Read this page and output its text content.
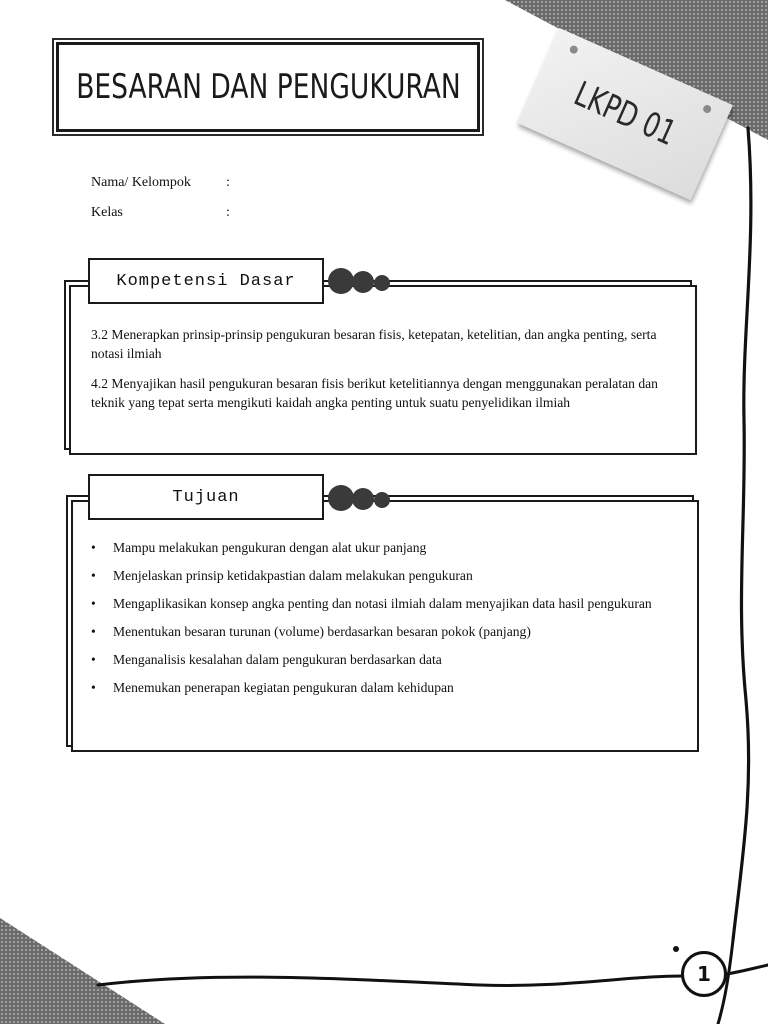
BESARAN DAN PENGUKURAN	LKPD 01
Nama/ Kelompok	:
Kelas	:
Kompetensi Dasar
3.2 Menerapkan prinsip-prinsip pengukuran besaran fisis, ketepatan, ketelitian, dan angka penting, serta notasi ilmiah
4.2 Menyajikan hasil pengukuran besaran fisis berikut ketelitiannya dengan menggunakan peralatan dan teknik yang tepat serta mengikuti kaidah angka penting untuk suatu penyelidikan ilmiah
Tujuan
• Mampu melakukan pengukuran dengan alat ukur panjang
• Menjelaskan prinsip ketidakpastian dalam melakukan pengukuran
• Mengaplikasikan konsep angka penting dan notasi ilmiah dalam menyajikan data hasil pengukuran
• Menentukan besaran turunan (volume) berdasarkan besaran pokok (panjang)
• Menganalisis kesalahan dalam pengukuran berdasarkan data
• Menemukan penerapan kegiatan pengukuran dalam kehidupan
1
